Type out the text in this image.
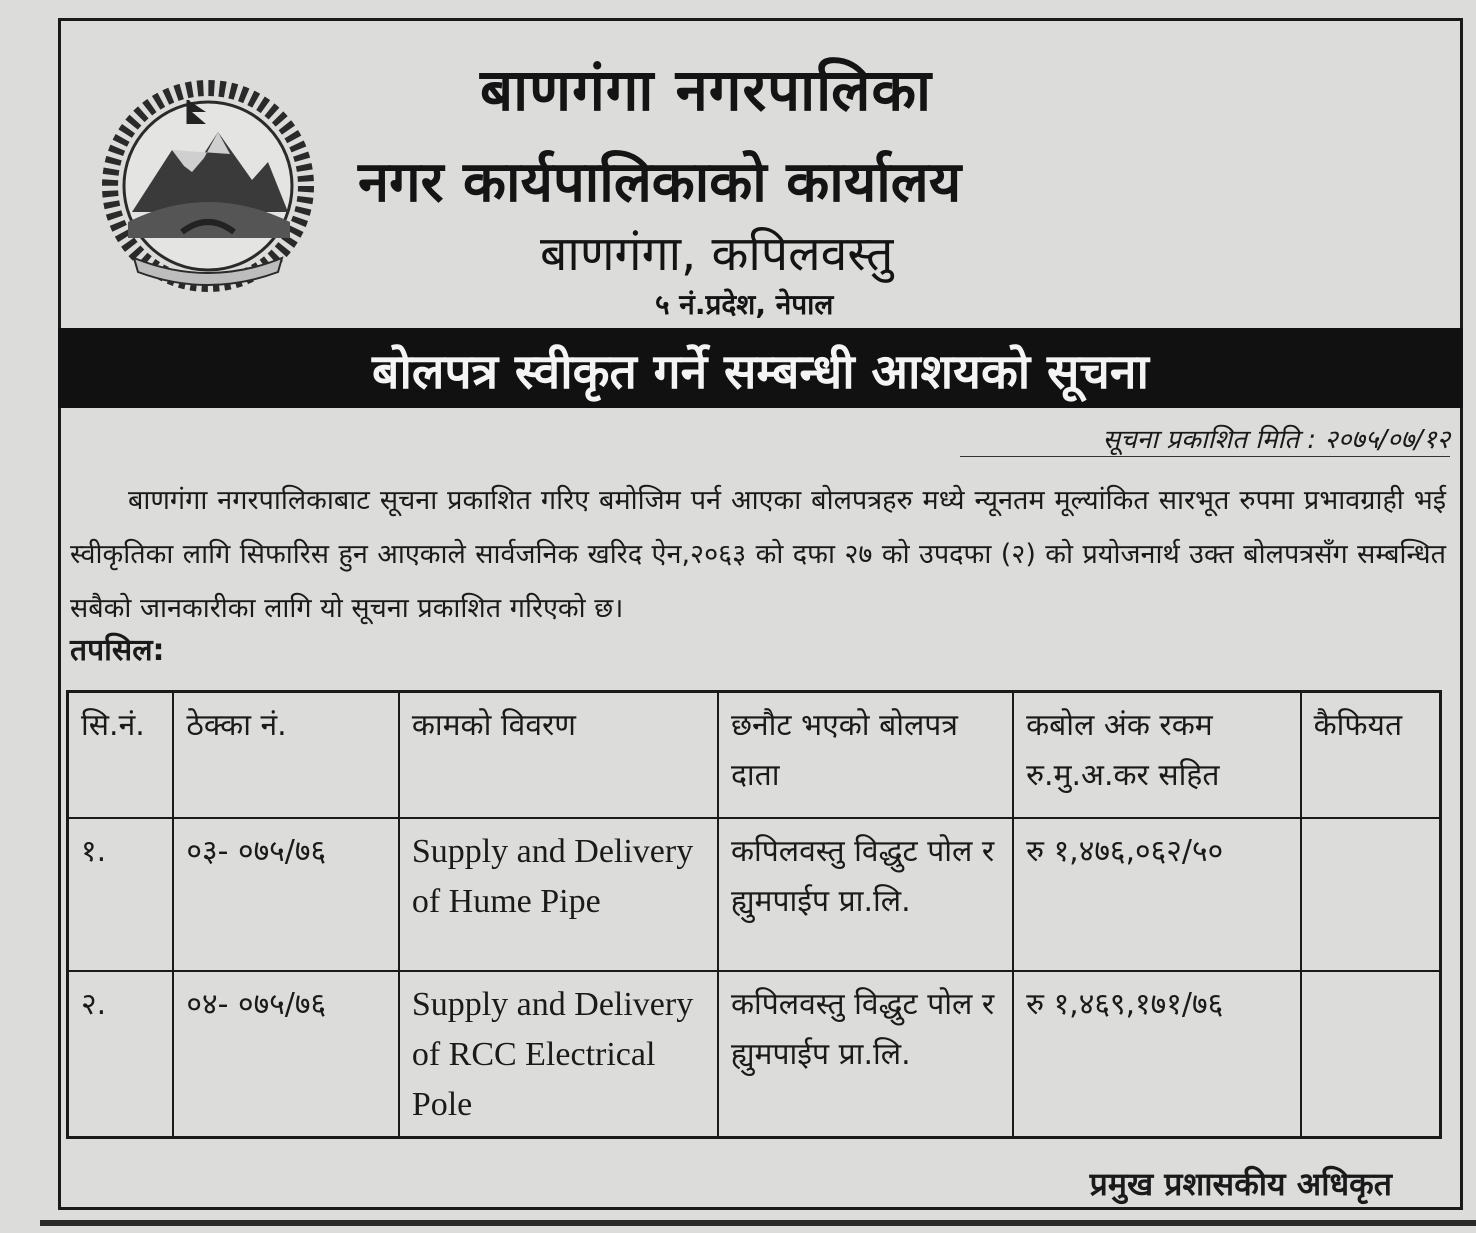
बाणगंगा नगरपालिका
नगर कार्यपालिकाको कार्यालय
बाणगंगा, कपिलवस्तु
५ नं.प्रदेश, नेपाल
बोलपत्र स्वीकृत गर्ने सम्बन्धी आशयको सूचना
सूचना प्रकाशित मिति : २०७५/०७/१२
बाणगंगा नगरपालिकाबाट सूचना प्रकाशित गरिए बमोजिम पर्न आएका बोलपत्रहरु मध्ये न्यूनतम मूल्यांकित सारभूत रुपमा प्रभावग्राही भई स्वीकृतिका लागि सिफारिस हुन आएकाले सार्वजनिक खरिद ऐन,२०६३ को दफा २७ को उपदफा (२) को प्रयोजनार्थ उक्त बोलपत्रसँग सम्बन्धित सबैको जानकारीका लागि यो सूचना प्रकाशित गरिएको छ।
तपसिल:
सि.नं.	ठेक्का नं.	कामको विवरण	छनौट भएको बोलपत्र दाता	कबोल अंक रकम रु.मु.अ.कर सहित	कैफियत
१.	०३- ०७५/७६	Supply and Delivery of Hume Pipe	कपिलवस्तु विद्धुट पोल र ह्युमपाईप प्रा.लि.	रु १,४७६,०६२/५०	
२.	०४- ०७५/७६	Supply and Delivery of RCC Electrical Pole	कपिलवस्तु विद्धुट पोल र ह्युमपाईप प्रा.लि.	रु १,४६९,१७१/७६	
प्रमुख प्रशासकीय अधिकृत
